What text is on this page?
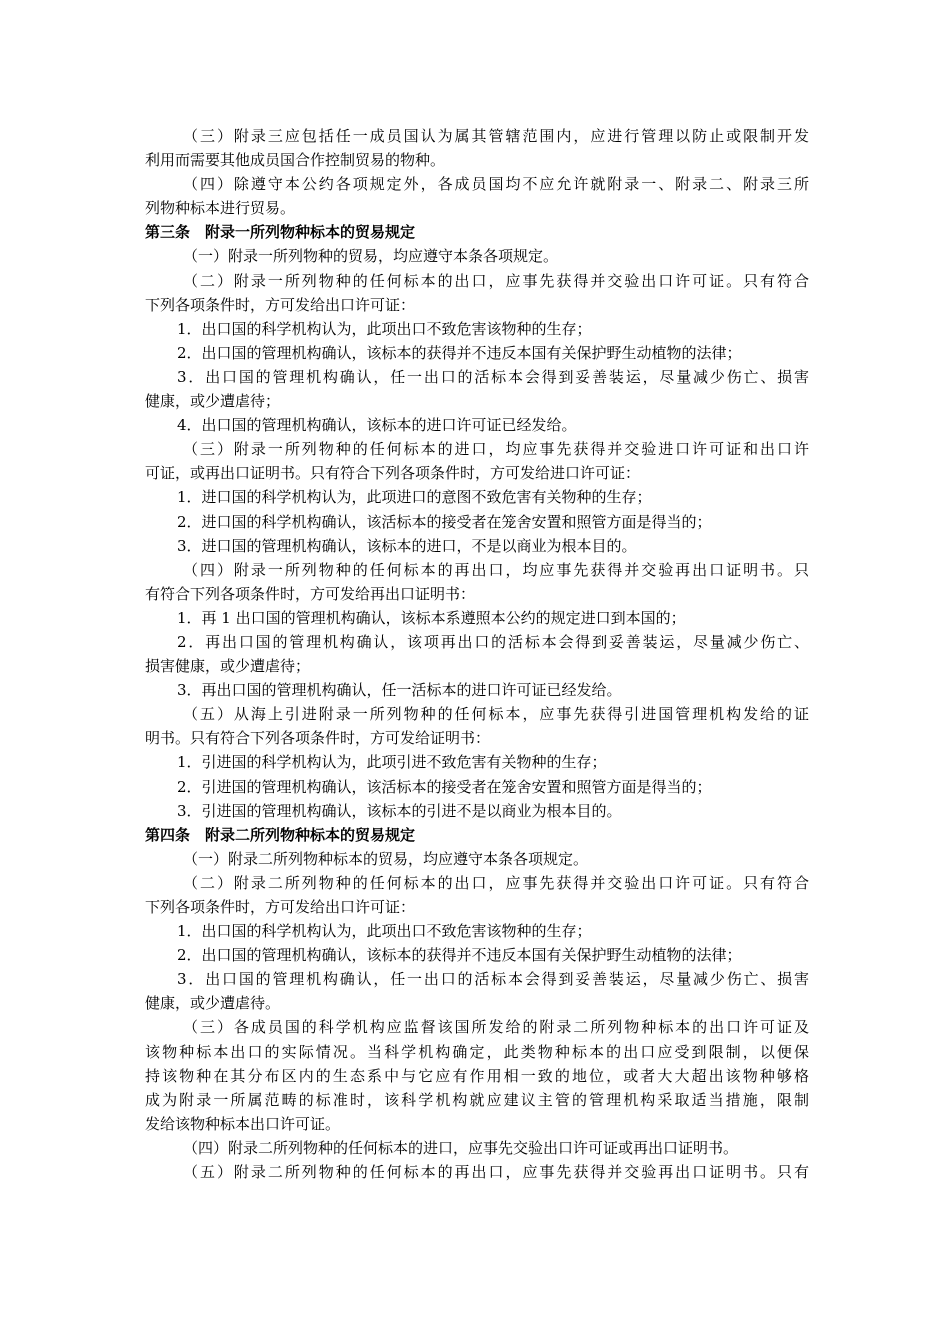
（三）附录三应包括任一成员国认为属其管辖范围内，应进行管理以防止或限制开发
利用而需要其他成员国合作控制贸易的物种。
（四）除遵守本公约各项规定外，各成员国均不应允许就附录一、附录二、附录三所
列物种标本进行贸易。
第三条　附录一所列物种标本的贸易规定
（一）附录一所列物种的贸易，均应遵守本条各项规定。
（二）附录一所列物种的任何标本的出口，应事先获得并交验出口许可证。只有符合
下列各项条件时，方可发给出口许可证：
1．出口国的科学机构认为，此项出口不致危害该物种的生存；
2．出口国的管理机构确认，该标本的获得并不违反本国有关保护野生动植物的法律；
3．出口国的管理机构确认，任一出口的活标本会得到妥善装运，尽量减少伤亡、损害
健康，或少遭虐待；
4．出口国的管理机构确认，该标本的进口许可证已经发给。
（三）附录一所列物种的任何标本的进口，均应事先获得并交验进口许可证和出口许
可证，或再出口证明书。只有符合下列各项条件时，方可发给进口许可证：
1．进口国的科学机构认为，此项进口的意图不致危害有关物种的生存；
2．进口国的科学机构确认，该活标本的接受者在笼舍安置和照管方面是得当的；
3．进口国的管理机构确认，该标本的进口，不是以商业为根本目的。
（四）附录一所列物种的任何标本的再出口，均应事先获得并交验再出口证明书。只
有符合下列各项条件时，方可发给再出口证明书：
1．再 1 出口国的管理机构确认，该标本系遵照本公约的规定进口到本国的；
2．再出口国的管理机构确认，该项再出口的活标本会得到妥善装运，尽量减少伤亡、
损害健康，或少遭虐待；
3．再出口国的管理机构确认，任一活标本的进口许可证已经发给。
（五）从海上引进附录一所列物种的任何标本，应事先获得引进国管理机构发给的证
明书。只有符合下列各项条件时，方可发给证明书：
1．引进国的科学机构认为，此项引进不致危害有关物种的生存；
2．引进国的管理机构确认，该活标本的接受者在笼舍安置和照管方面是得当的；
3．引进国的管理机构确认，该标本的引进不是以商业为根本目的。
第四条　附录二所列物种标本的贸易规定
（一）附录二所列物种标本的贸易，均应遵守本条各项规定。
（二）附录二所列物种的任何标本的出口，应事先获得并交验出口许可证。只有符合
下列各项条件时，方可发给出口许可证：
1．出口国的科学机构认为，此项出口不致危害该物种的生存；
2．出口国的管理机构确认，该标本的获得并不违反本国有关保护野生动植物的法律；
3．出口国的管理机构确认，任一出口的活标本会得到妥善装运，尽量减少伤亡、损害
健康，或少遭虐待。
（三）各成员国的科学机构应监督该国所发给的附录二所列物种标本的出口许可证及
该物种标本出口的实际情况。当科学机构确定，此类物种标本的出口应受到限制，以便保
持该物种在其分布区内的生态系中与它应有作用相一致的地位，或者大大超出该物种够格
成为附录一所属范畴的标准时，该科学机构就应建议主管的管理机构采取适当措施，限制
发给该物种标本出口许可证。
（四）附录二所列物种的任何标本的进口，应事先交验出口许可证或再出口证明书。
（五）附录二所列物种的任何标本的再出口，应事先获得并交验再出口证明书。只有
